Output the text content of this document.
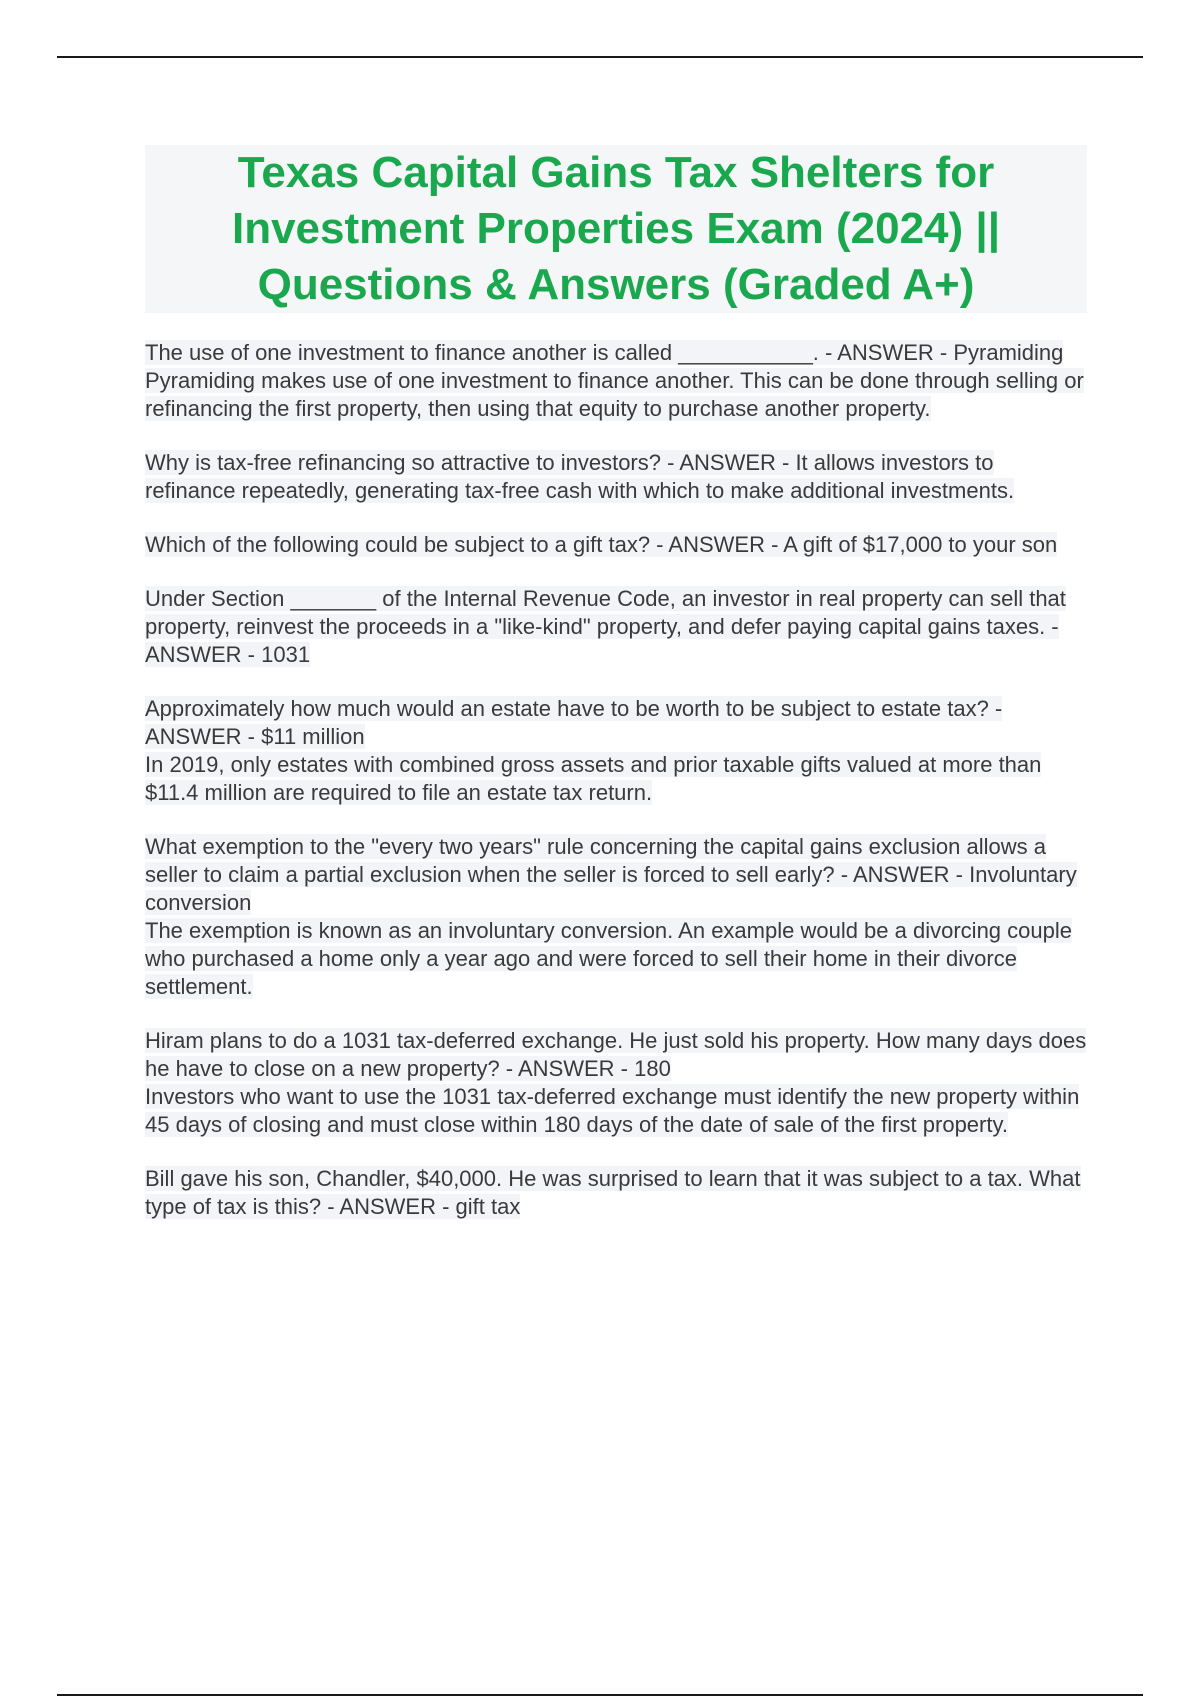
Texas Capital Gains Tax Shelters for Investment Properties Exam (2024) || Questions & Answers (Graded A+)

The use of one investment to finance another is called ___________. - ANSWER - Pyramiding

Pyramiding makes use of one investment to finance another. This can be done through selling or refinancing the first property, then using that equity to purchase another property.

Why is tax-free refinancing so attractive to investors? - ANSWER - It allows investors to refinance repeatedly, generating tax-free cash with which to make additional investments.

Which of the following could be subject to a gift tax? - ANSWER - A gift of $17,000 to your son

Under Section _______ of the Internal Revenue Code, an investor in real property can sell that property, reinvest the proceeds in a "like-kind" property, and defer paying capital gains taxes. - ANSWER - 1031

Approximately how much would an estate have to be worth to be subject to estate tax? - ANSWER - $11 million

In 2019, only estates with combined gross assets and prior taxable gifts valued at more than $11.4 million are required to file an estate tax return.

What exemption to the "every two years" rule concerning the capital gains exclusion allows a seller to claim a partial exclusion when the seller is forced to sell early? - ANSWER - Involuntary conversion

The exemption is known as an involuntary conversion. An example would be a divorcing couple who purchased a home only a year ago and were forced to sell their home in their divorce settlement.

Hiram plans to do a 1031 tax-deferred exchange. He just sold his property. How many days does he have to close on a new property? - ANSWER - 180

Investors who want to use the 1031 tax-deferred exchange must identify the new property within 45 days of closing and must close within 180 days of the date of sale of the first property.

Bill gave his son, Chandler, $40,000. He was surprised to learn that it was subject to a tax. What type of tax is this? - ANSWER - gift tax
